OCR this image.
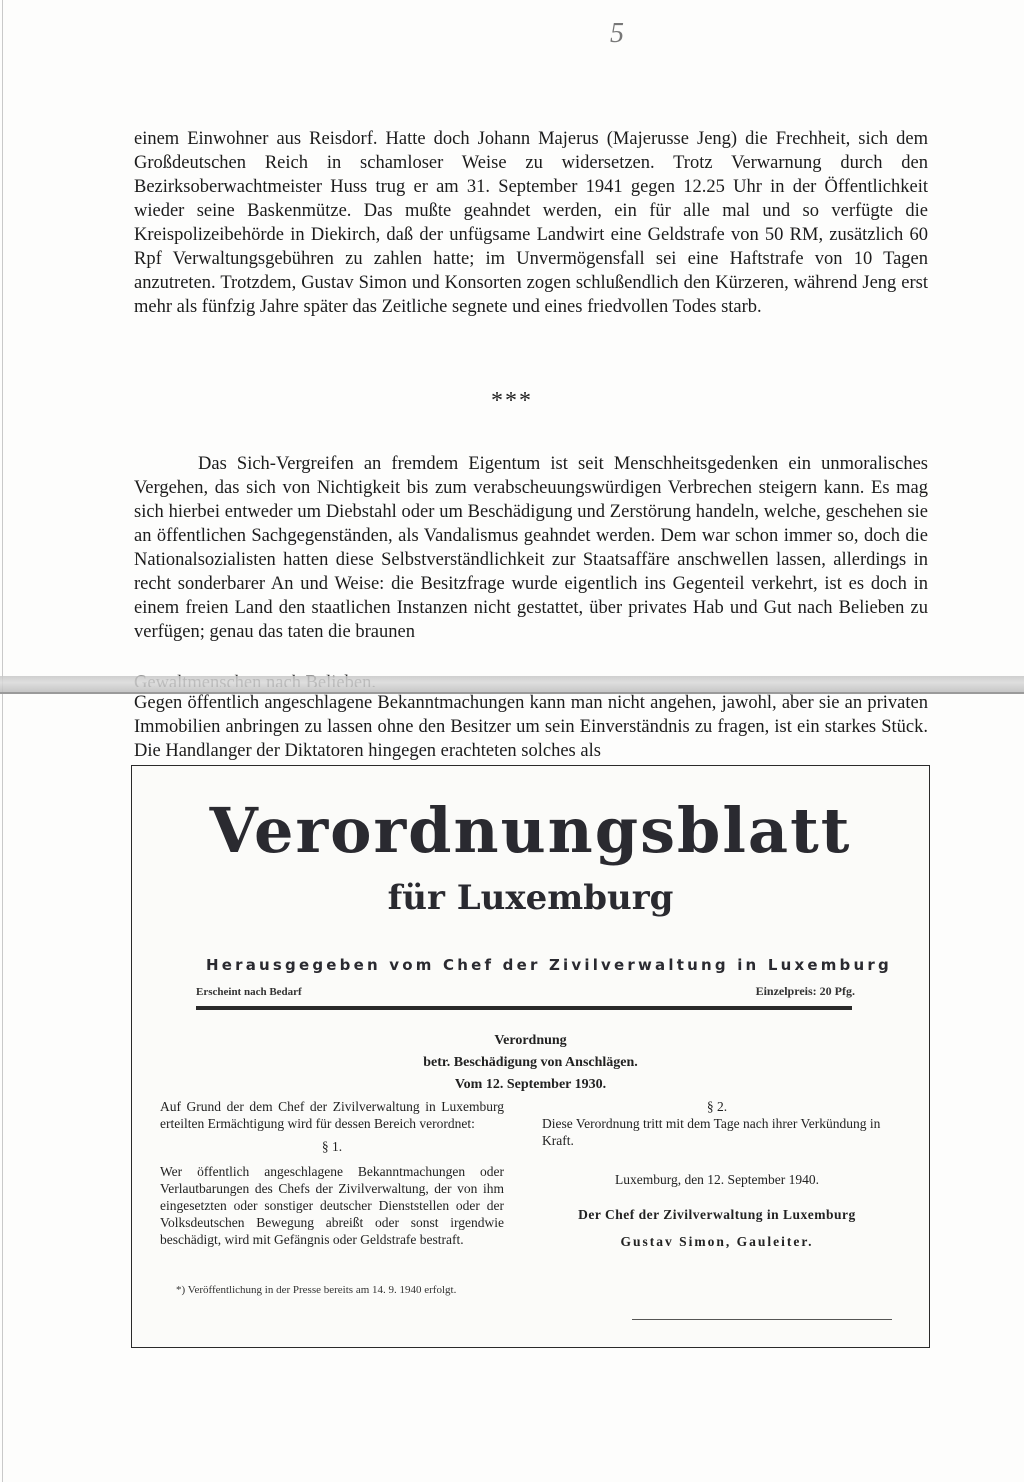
5

einem Einwohner aus Reisdorf. Hatte doch Johann Majerus (Majerusse Jeng) die Frechheit, sich dem Großdeutschen Reich in schamloser Weise zu widersetzen. Trotz Verwarnung durch den Bezirksoberwachtmeister Huss trug er am 31. September 1941 gegen 12.25 Uhr in der Öffentlichkeit wieder seine Baskenmütze. Das mußte geahndet werden, ein für alle mal und so verfügte die Kreispolizeibehörde in Diekirch, daß der unfügsame Landwirt eine Geldstrafe von 50 RM, zusätzlich 60 Rpf Verwaltungsgebühren zu zahlen hatte; im Unvermögensfall sei eine Haftstrafe von 10 Tagen anzutreten. Trotzdem, Gustav Simon und Konsorten zogen schlußendlich den Kürzeren, während Jeng erst mehr als fünfzig Jahre später das Zeitliche segnete und eines friedvollen Todes starb.

***

Das Sich-Vergreifen an fremdem Eigentum ist seit Menschheitsgedenken ein unmoralisches Vergehen, das sich von Nichtigkeit bis zum verabscheuungswürdigen Verbrechen steigern kann. Es mag sich hierbei entweder um Diebstahl oder um Beschädigung und Zerstörung handeln, welche, geschehen sie an öffentlichen Sachgegenständen, als Vandalismus geahndet werden. Dem war schon immer so, doch die Nationalsozialisten hatten diese Selbstverständlichkeit zur Staatsaffäre anschwellen lassen, allerdings in recht sonderbarer An und Weise: die Besitzfrage wurde eigentlich ins Gegenteil verkehrt, ist es doch in einem freien Land den staatlichen Instanzen nicht gestattet, über privates Hab und Gut nach Belieben zu verfügen; genau das taten die braunen

Gegen öffentlich angeschlagene Bekanntmachungen kann man nicht angehen, jawohl, aber sie an privaten Immobilien anbringen zu lassen ohne den Besitzer um sein Einverständnis zu fragen, ist ein starkes Stück. Die Handlanger der Diktatoren hingegen erachteten solches als

Verordnungsblatt
für Luxemburg
Herausgegeben vom Chef der Zivilverwaltung in Luxemburg
Erscheint nach Bedarf	Einzelpreis: 20 Pfg.
Verordnung
betr. Beschädigung von Anschlägen.
Vom 12. September 1930.

Auf Grund der dem Chef der Zivilverwaltung in Luxemburg erteilten Ermächtigung wird für dessen Bereich verordnet:

§ 1.

Wer öffentlich angeschlagene Bekanntmachungen oder Verlautbarungen des Chefs der Zivilverwaltung, der von ihm eingesetzten oder sonstiger deutscher Dienststellen oder der Volksdeutschen Bewegung abreißt oder sonst irgendwie beschädigt, wird mit Gefängnis oder Geldstrafe bestraft.

§ 2.

Diese Verordnung tritt mit dem Tage nach ihrer Verkündung in Kraft.

Luxemburg, den 12. September 1940.

Der Chef der Zivilverwaltung in Luxemburg

Gustav Simon, Gauleiter.

*) Veröffentlichung in der Presse bereits am 14. 9. 1940 erfolgt.
